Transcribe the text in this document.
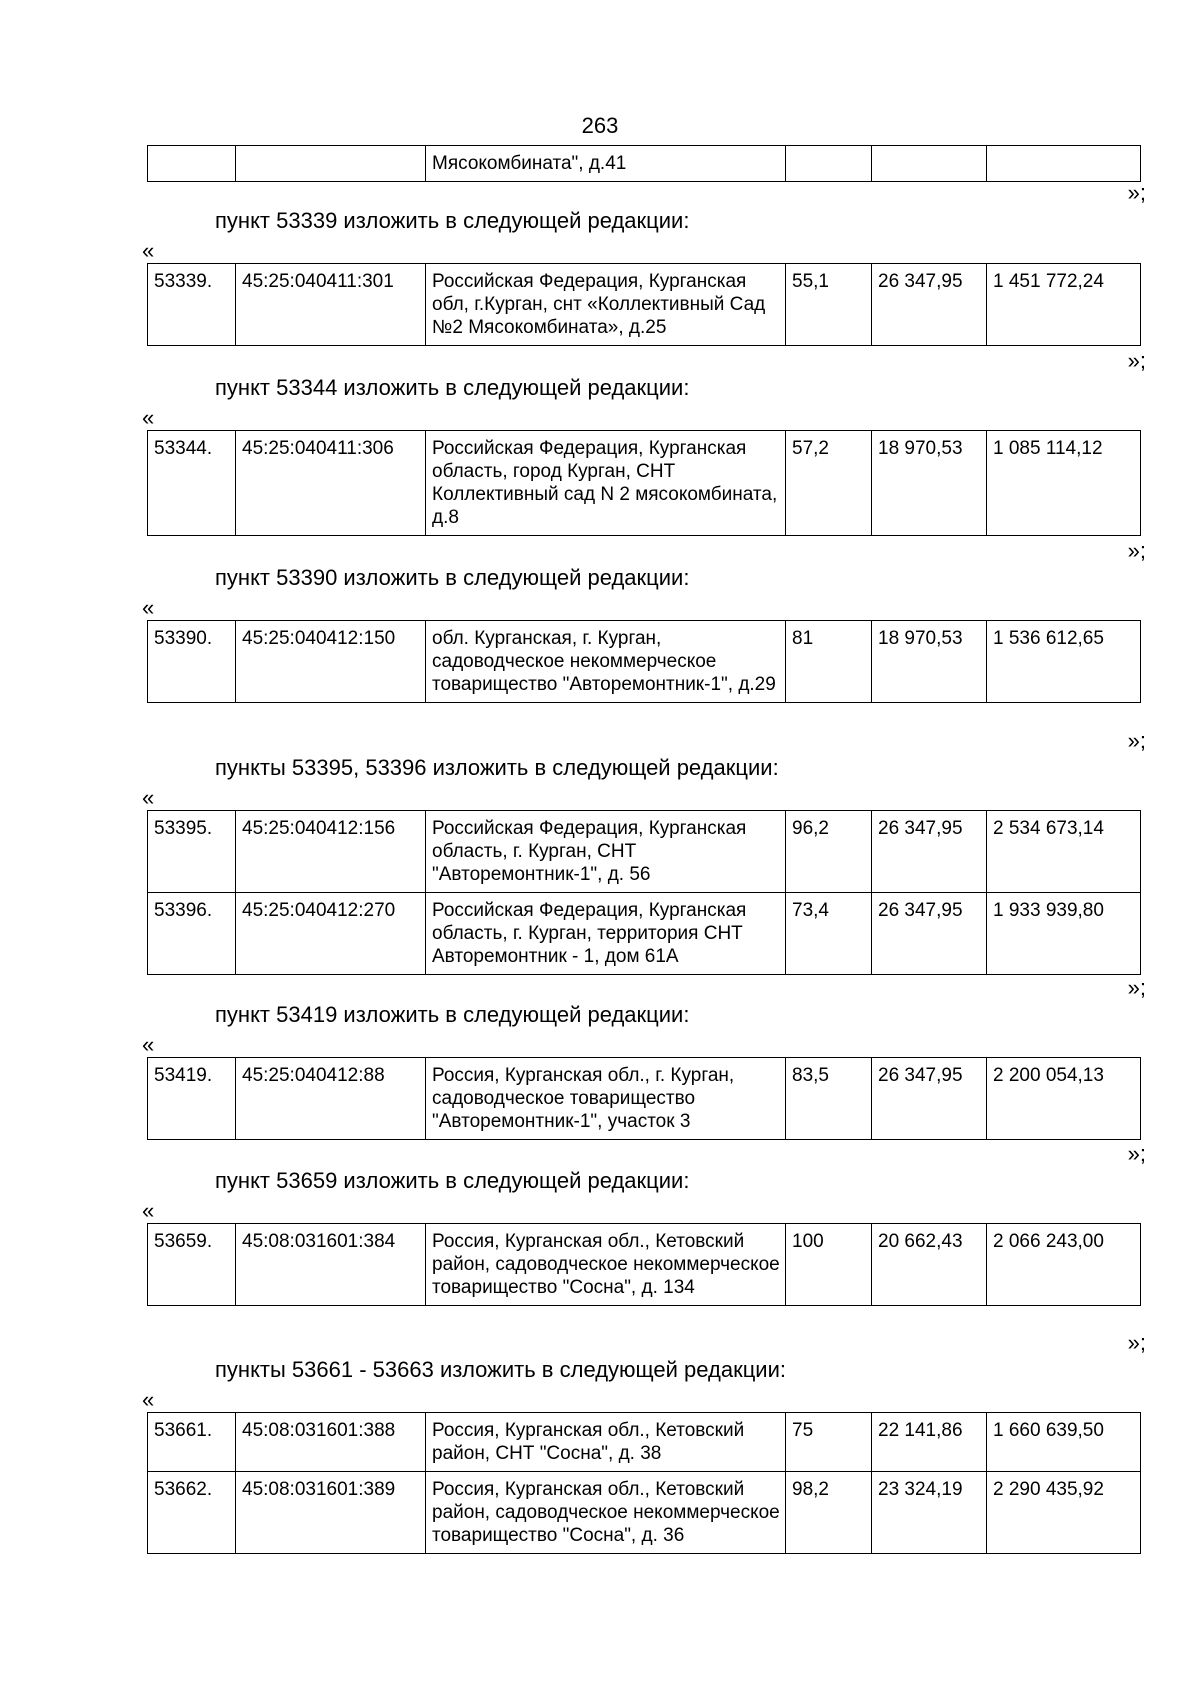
263
		Мясокомбината", д.41			
»;
пункт 53339 изложить в следующей редакции:
«
53339.	45:25:040411:301	Российская Федерация, Курганская обл, г.Курган, снт «Коллективный Сад №2 Мясокомбината», д.25	55,1	26 347,95	1 451 772,24
»;
пункт 53344 изложить в следующей редакции:
«
53344.	45:25:040411:306	Российская Федерация, Курганская область, город Курган, СНТ Коллективный сад N 2 мясокомбината, д.8	57,2	18 970,53	1 085 114,12
»;
пункт 53390 изложить в следующей редакции:
«
53390.	45:25:040412:150	обл. Курганская, г. Курган, садоводческое некоммерческое товарищество "Авторемонтник-1", д.29	81	18 970,53	1 536 612,65
»;
пункты 53395, 53396 изложить в следующей редакции:
«
53395.	45:25:040412:156	Российская Федерация, Курганская область, г. Курган, СНТ "Авторемонтник-1", д. 56	96,2	26 347,95	2 534 673,14
53396.	45:25:040412:270	Российская Федерация, Курганская область, г. Курган, территория СНТ Авторемонтник - 1, дом 61А	73,4	26 347,95	1 933 939,80
»;
пункт 53419 изложить в следующей редакции:
«
53419.	45:25:040412:88	Россия, Курганская обл., г. Курган, садоводческое товарищество "Авторемонтник-1", участок 3	83,5	26 347,95	2 200 054,13
»;
пункт 53659 изложить в следующей редакции:
«
53659.	45:08:031601:384	Россия, Курганская обл., Кетовский район, садоводческое некоммерческое товарищество "Сосна", д. 134	100	20 662,43	2 066 243,00
»;
пункты 53661 - 53663 изложить в следующей редакции:
«
53661.	45:08:031601:388	Россия, Курганская обл., Кетовский район, СНТ "Сосна", д. 38	75	22 141,86	1 660 639,50
53662.	45:08:031601:389	Россия, Курганская обл., Кетовский район, садоводческое некоммерческое товарищество "Сосна", д. 36	98,2	23 324,19	2 290 435,92
